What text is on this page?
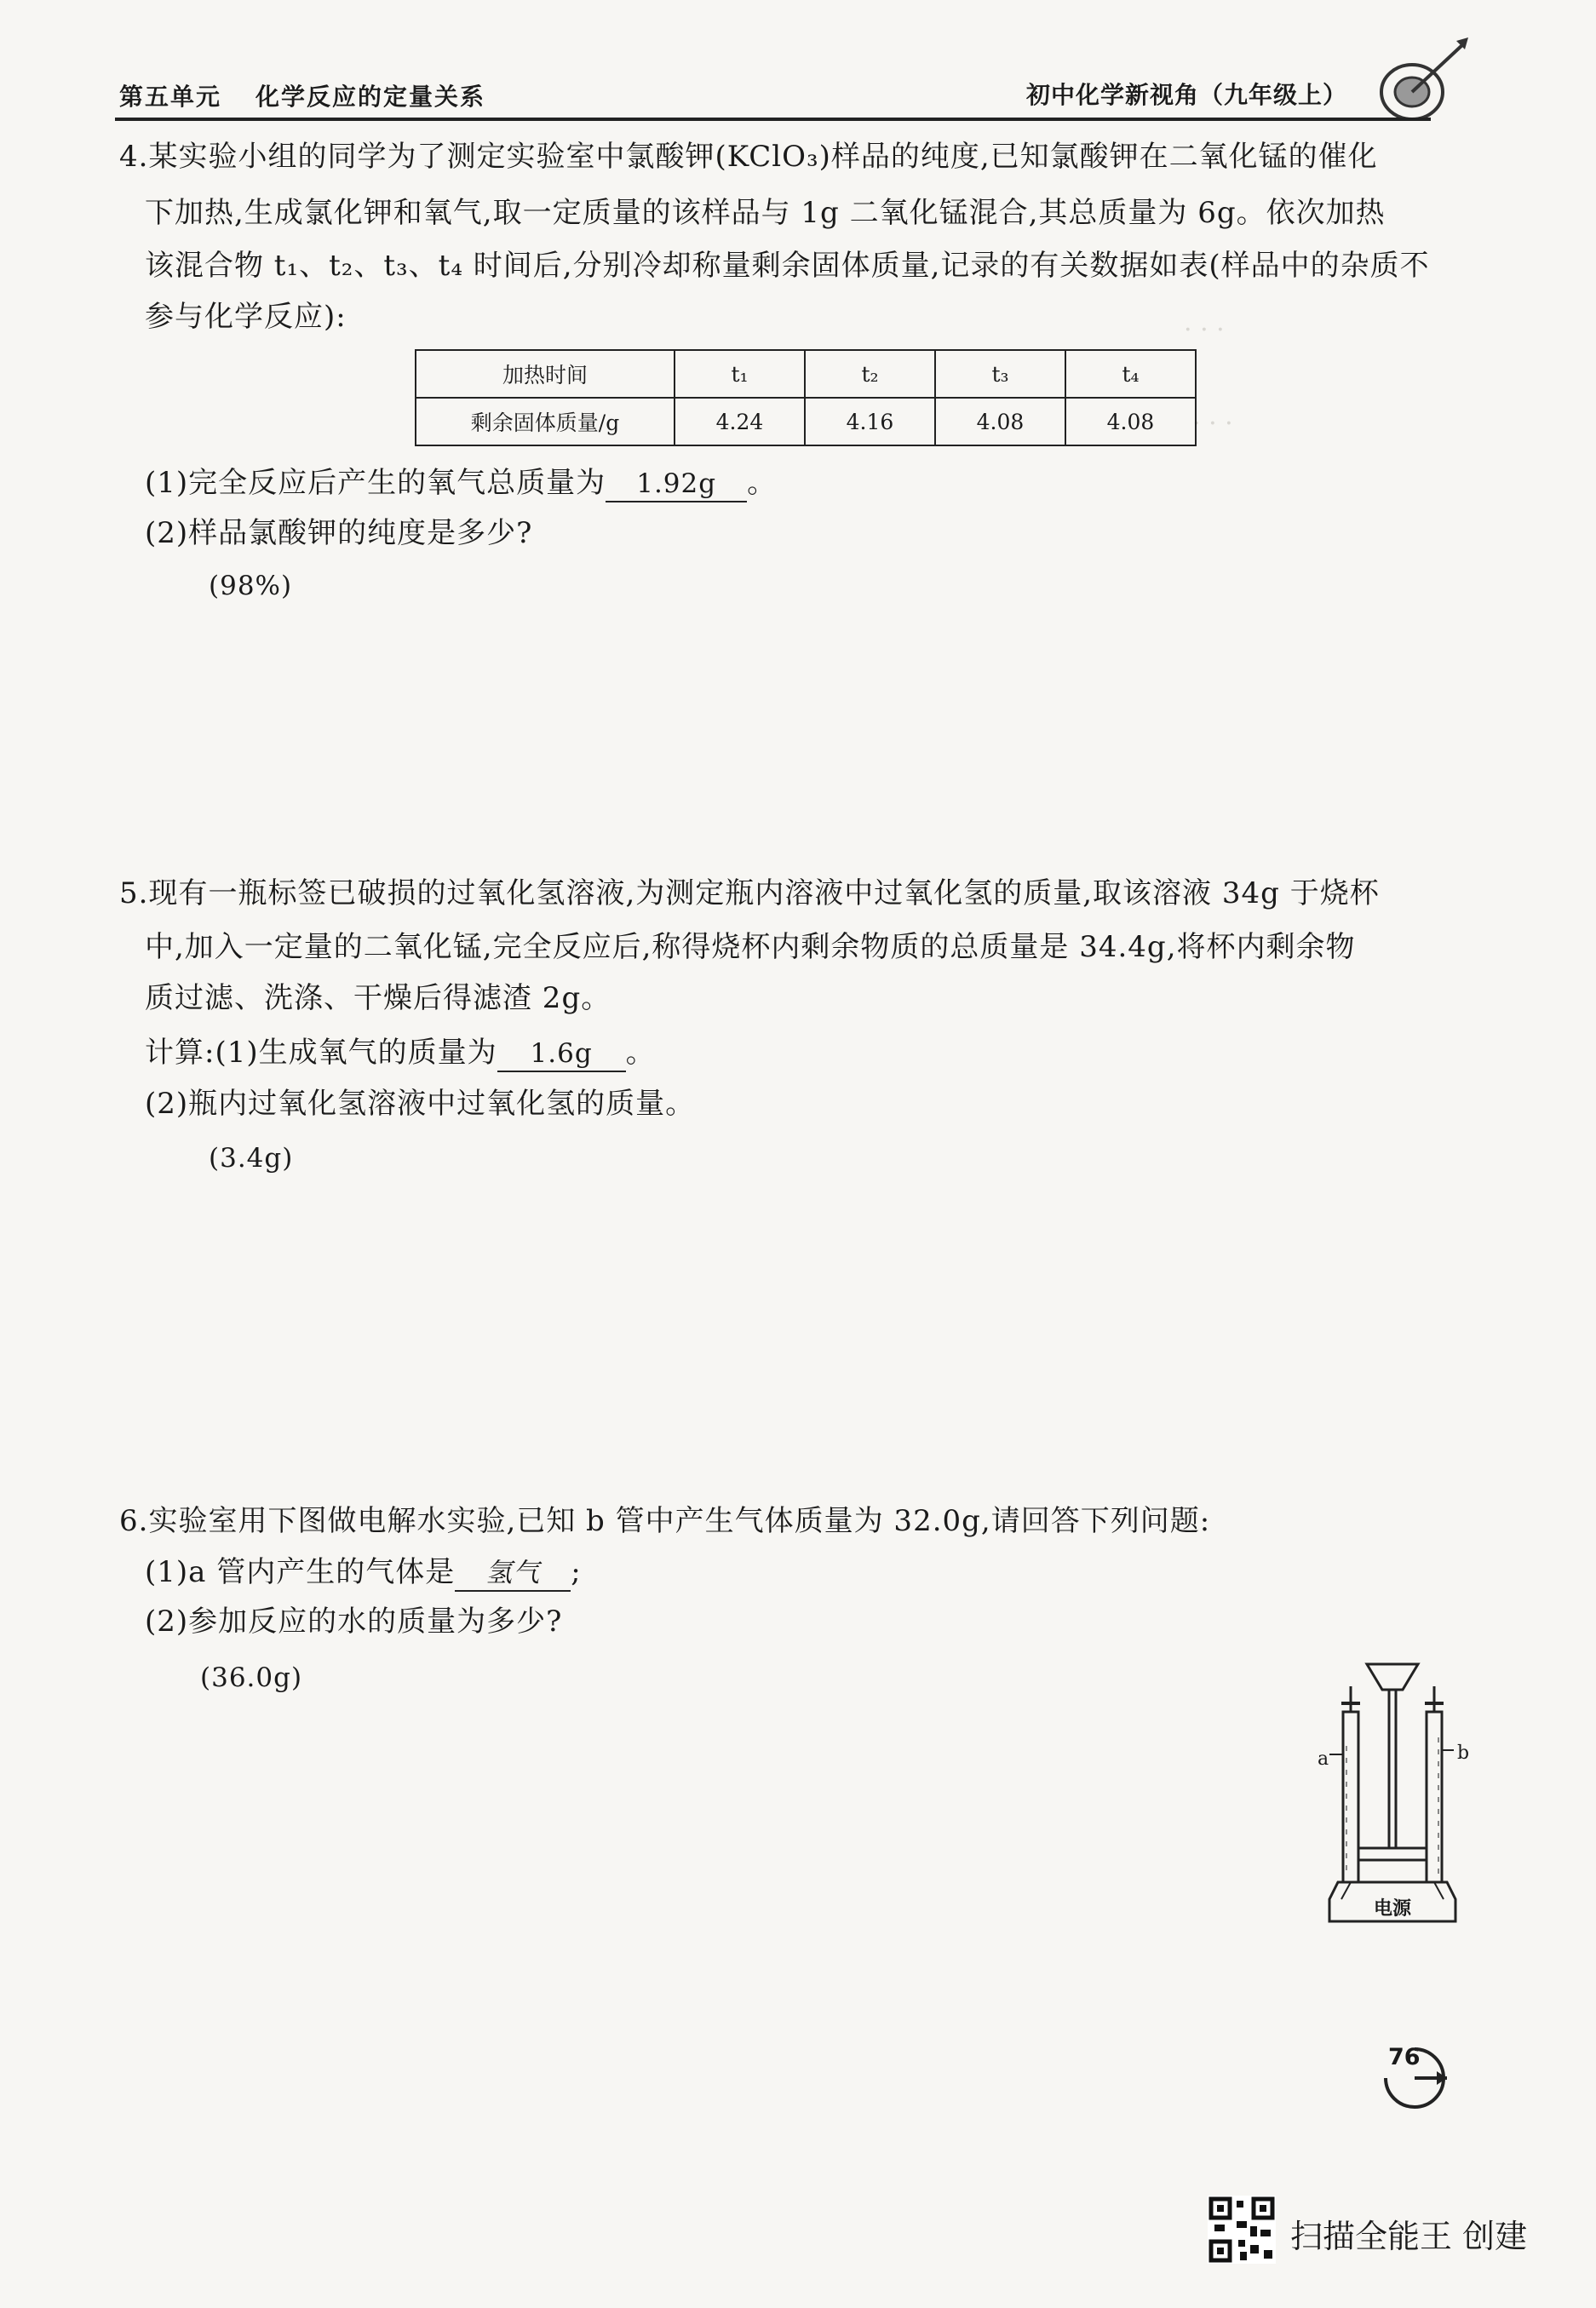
第五单元 化学反应的定量关系	初中化学新视角（九年级上）
· · ·
· · ·
4.某实验小组的同学为了测定实验室中氯酸钾(KClO₃)样品的纯度,已知氯酸钾在二氧化锰的催化
下加热,生成氯化钾和氧气,取一定质量的该样品与 1g 二氧化锰混合,其总质量为 6g。依次加热
该混合物 t₁、t₂、t₃、t₄ 时间后,分别冷却称量剩余固体质量,记录的有关数据如表(样品中的杂质不
参与化学反应):
加热时间	t₁	t₂	t₃	t₄
剩余固体质量/g	4.24	4.16	4.08	4.08
(1)完全反应后产生的氧气总质量为 1.92g 。
(2)样品氯酸钾的纯度是多少?
(98%)
5.现有一瓶标签已破损的过氧化氢溶液,为测定瓶内溶液中过氧化氢的质量,取该溶液 34g 于烧杯
中,加入一定量的二氧化锰,完全反应后,称得烧杯内剩余物质的总质量是 34.4g,将杯内剩余物
质过滤、洗涤、干燥后得滤渣 2g。
计算:(1)生成氧气的质量为 1.6g 。
(2)瓶内过氧化氢溶液中过氧化氢的质量。
(3.4g)
6.实验室用下图做电解水实验,已知 b 管中产生气体质量为 32.0g,请回答下列问题:
(1)a 管内产生的气体是 氢气 ;
(2)参加反应的水的质量为多少?
(36.0g)
a	b
电源
76
扫描全能王 创建
